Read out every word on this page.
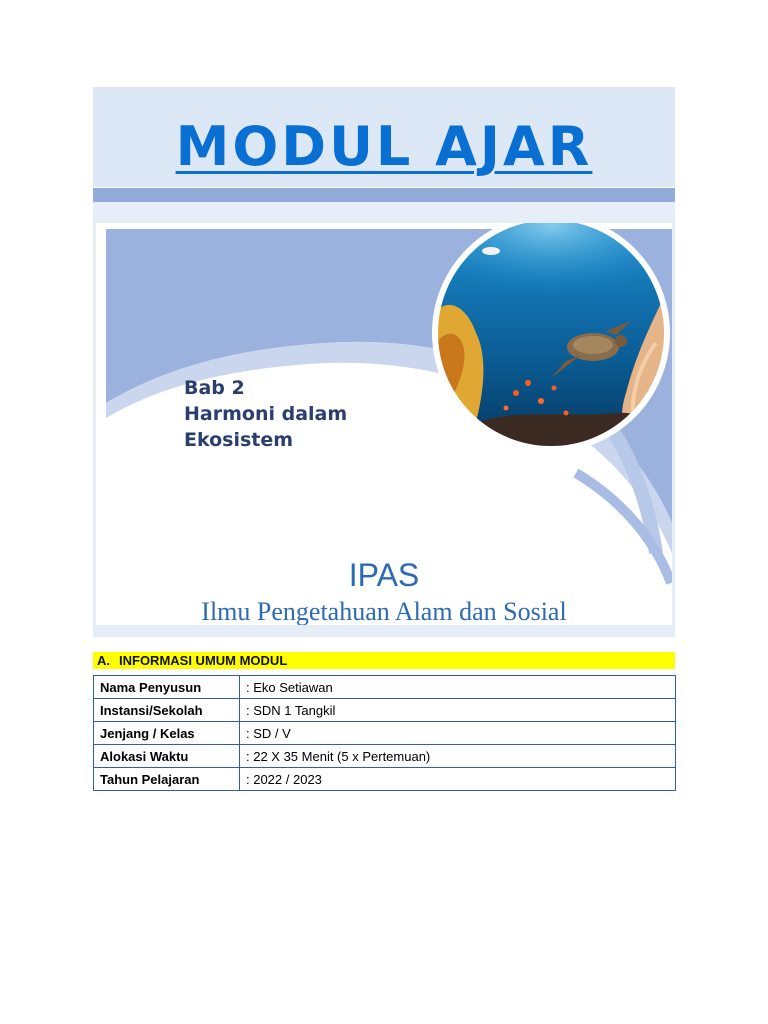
MODUL AJAR
Bab 2
Harmoni dalam
Ekosistem
IPAS
Ilmu Pengetahuan Alam dan Sosial
A. INFORMASI UMUM MODUL
Nama Penyusun	: Eko Setiawan
Instansi/Sekolah	: SDN 1 Tangkil
Jenjang / Kelas	: SD / V
Alokasi Waktu	: 22 X 35 Menit (5 x Pertemuan)
Tahun Pelajaran	: 2022 / 2023
